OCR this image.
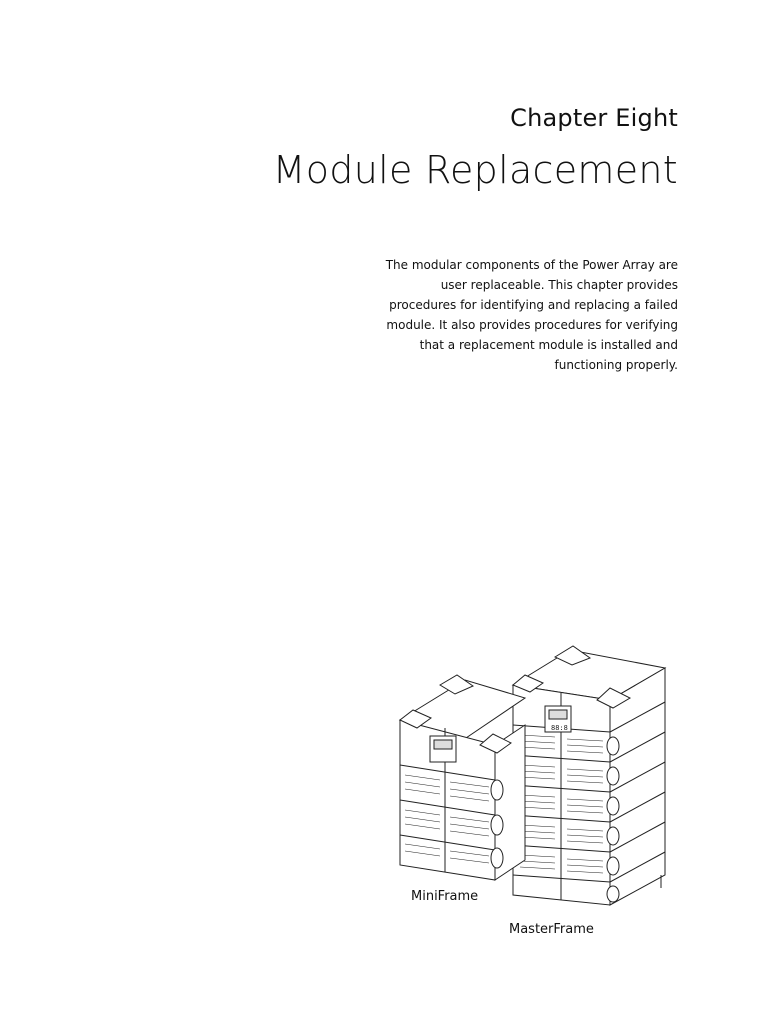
Chapter Eight
Module Replacement
The modular components of the Power Array are user replaceable. This chapter provides procedures for identifying and replacing a failed module. It also provides procedures for verifying that a replacement module is installed and functioning properly.
88:8
MiniFrame
MasterFrame
